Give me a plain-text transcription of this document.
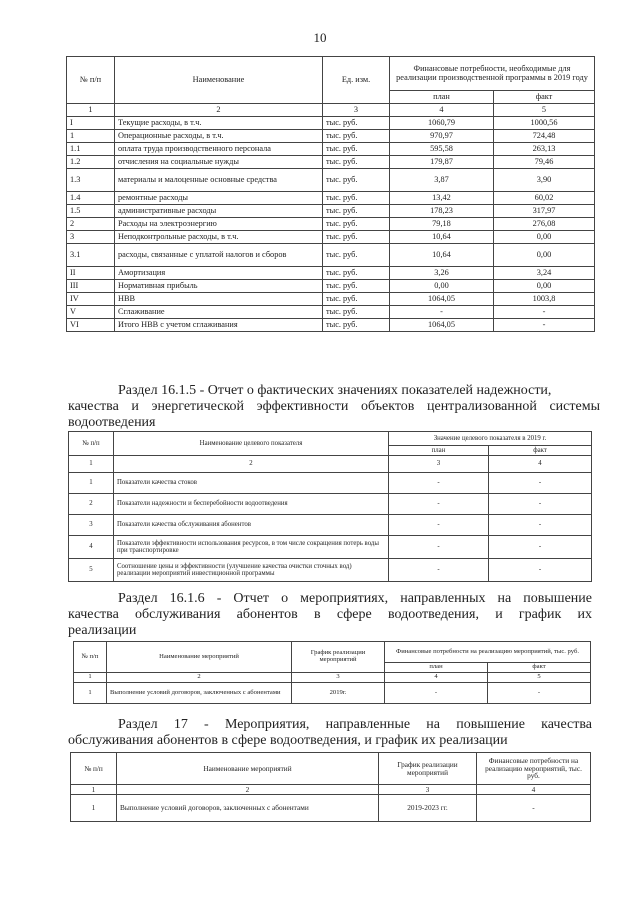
10
№ п/п	Наименование	Ед. изм.	Финансовые потребности, необходимые для реализации производственной программы в 2019 году	
			план	факт
1	2	3	4	5
I	Текущие расходы, в т.ч.	тыс. руб.	1060,79	1000,56
1	Операционные расходы, в т.ч.	тыс. руб.	970,97	724,48
1.1	оплата труда производственного персонала	тыс. руб.	595,58	263,13
1.2	отчисления на социальные нужды	тыс. руб.	179,87	79,46
1.3	материалы и малоценные основные средства	тыс. руб.	3,87	3,90
1.4	ремонтные расходы	тыс. руб.	13,42	60,02
1.5	административные расходы	тыс. руб.	178,23	317,97
2	Расходы на электроэнергию	тыс. руб.	79,18	276,08
3	Неподконтрольные расходы, в т.ч.	тыс. руб.	10,64	0,00
3.1	расходы, связанные с уплатой налогов и сборов	тыс. руб.	10,64	0,00
II	Амортизация	тыс. руб.	3,26	3,24
III	Нормативная прибыль	тыс. руб.	0,00	0,00
IV	НВВ	тыс. руб.	1064,05	1003,8
V	Сглаживание	тыс. руб.	-	-
VI	Итого НВВ с учетом сглаживания	тыс. руб.	1064,05	-
Раздел 16.1.5 - Отчет о фактических значениях показателей надежности,
качества и энергетической эффективности объектов централизованной системы
водоотведения
№ п/п	Наименование целевого показателя	Значение целевого показателя в 2019 г.	
		план	факт
1	2	3	4
1	Показатели качества стоков	-	-
2	Показатели надежности и бесперебойности водоотведения	-	-
3	Показатели качества обслуживания абонентов	-	-
4	Показатели эффективности использования ресурсов, в том числе сокращения потерь воды при транспортировке	-	-
5	Соотношение цены и эффективности (улучшение качества очистки сточных вод) реализации мероприятий инвестиционной программы	-	-
Раздел 16.1.6 - Отчет о мероприятиях, направленных на повышение
качества обслуживания абонентов в сфере водоотведения, и график их
реализации
№ п/п	Наименование мероприятий	График реализации мероприятий	Финансовые потребности на реализацию мероприятий, тыс. руб.	
			план	факт
1	2	3	4	5
1	Выполнение условий договоров, заключенных с абонентами	2019г.	-	-
Раздел 17 - Мероприятия, направленные на повышение качества
обслуживания абонентов в сфере водоотведения, и график их реализации
№ п/п	Наименование мероприятий	График реализации мероприятий	Финансовые потребности на реализацию мероприятий, тыс. руб.
1	2	3	4
1	Выполнение условий договоров, заключенных с абонентами	2019-2023 гг.	-
